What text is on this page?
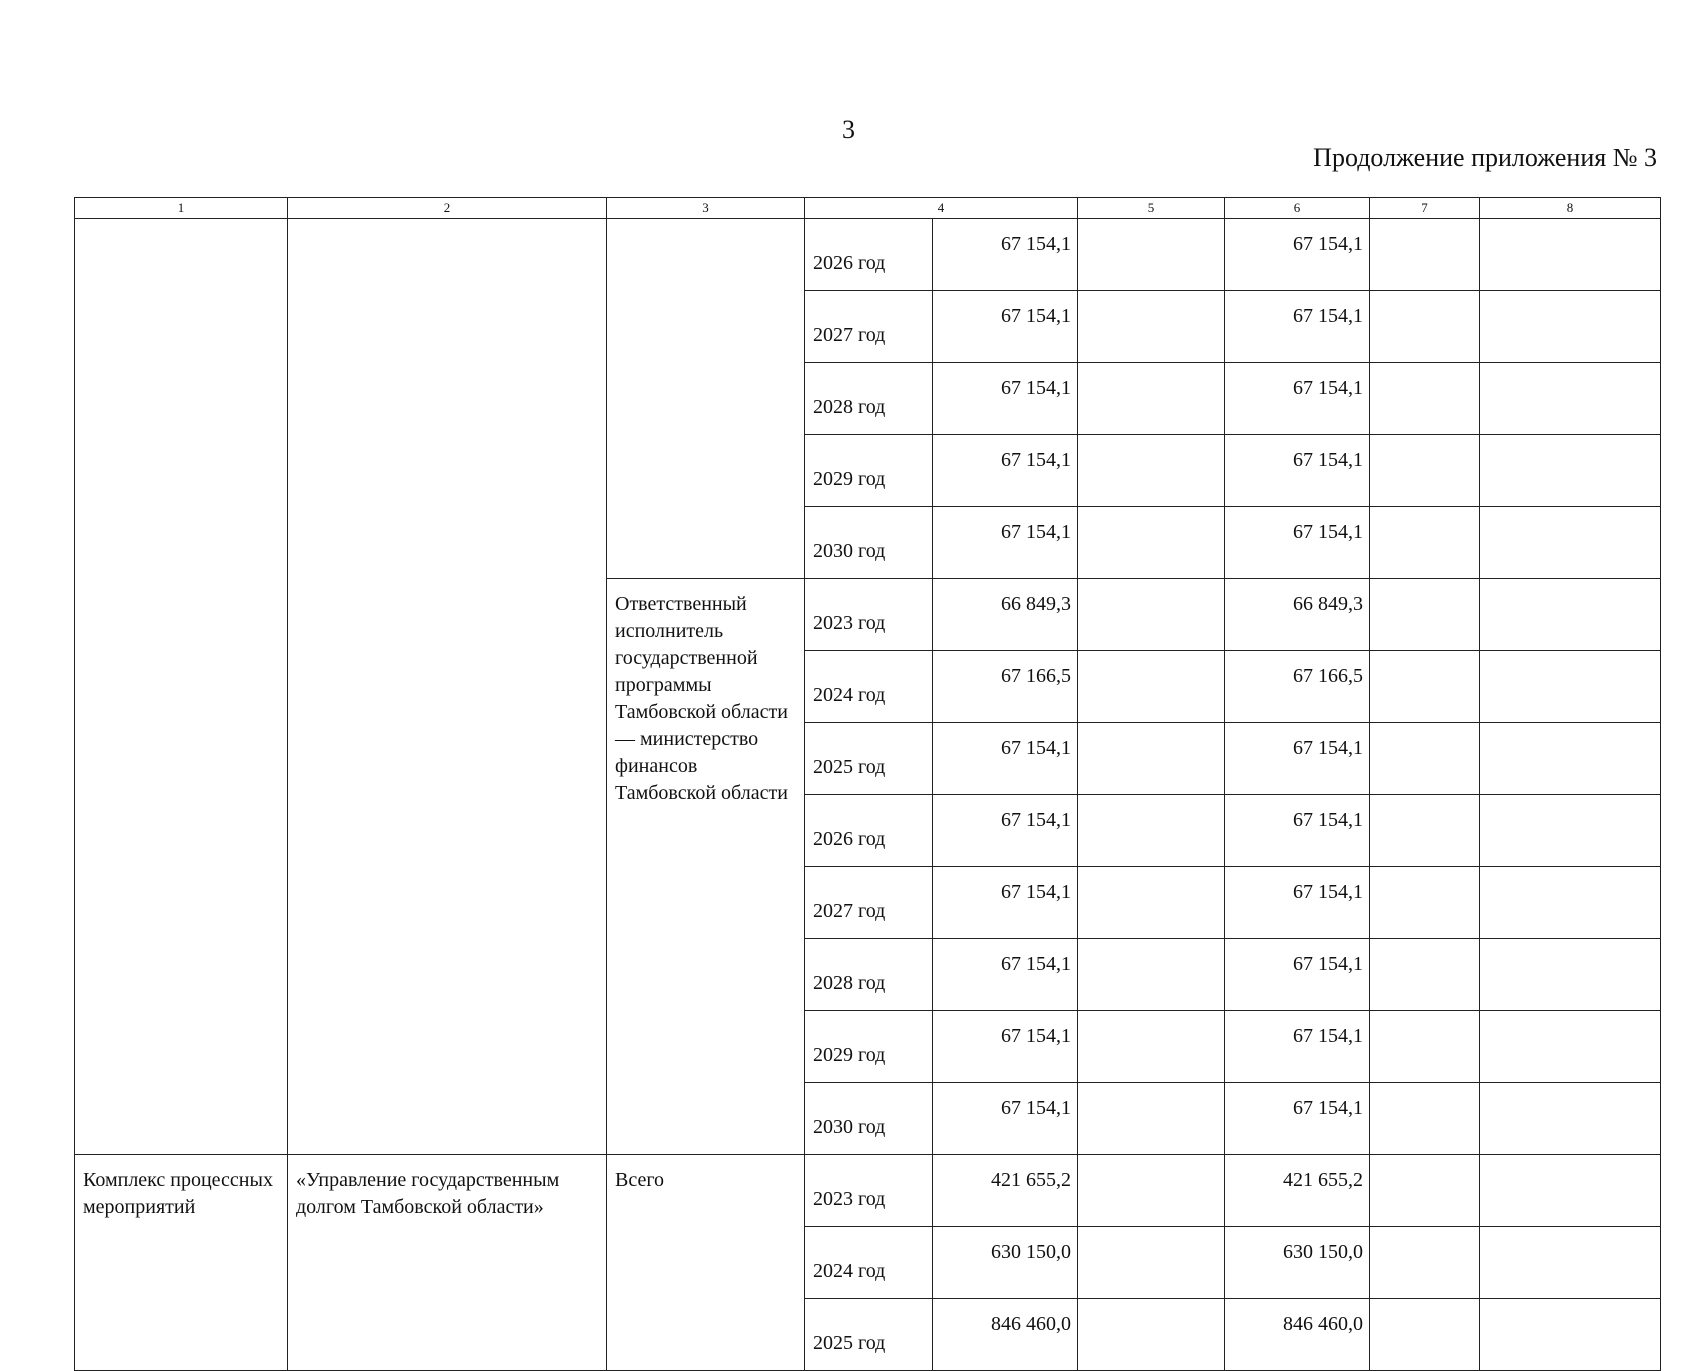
3
Продолжение приложения № 3
1	2	3	4		5	6	7	8
			2026 год	67 154,1		67 154,1		
			2027 год	67 154,1		67 154,1		
			2028 год	67 154,1		67 154,1		
			2029 год	67 154,1		67 154,1		
			2030 год	67 154,1		67 154,1		
		Ответственный исполнитель государственной программы Тамбовской области — министерство финансов Тамбовской области	2023 год	66 849,3		66 849,3		
			2024 год	67 166,5		67 166,5		
			2025 год	67 154,1		67 154,1		
			2026 год	67 154,1		67 154,1		
			2027 год	67 154,1		67 154,1		
			2028 год	67 154,1		67 154,1		
			2029 год	67 154,1		67 154,1		
			2030 год	67 154,1		67 154,1		
Комплекс процессных мероприятий	«Управление государственным долгом Тамбовской области»	Всего	2023 год	421 655,2		421 655,2		
			2024 год	630 150,0		630 150,0		
			2025 год	846 460,0		846 460,0		
